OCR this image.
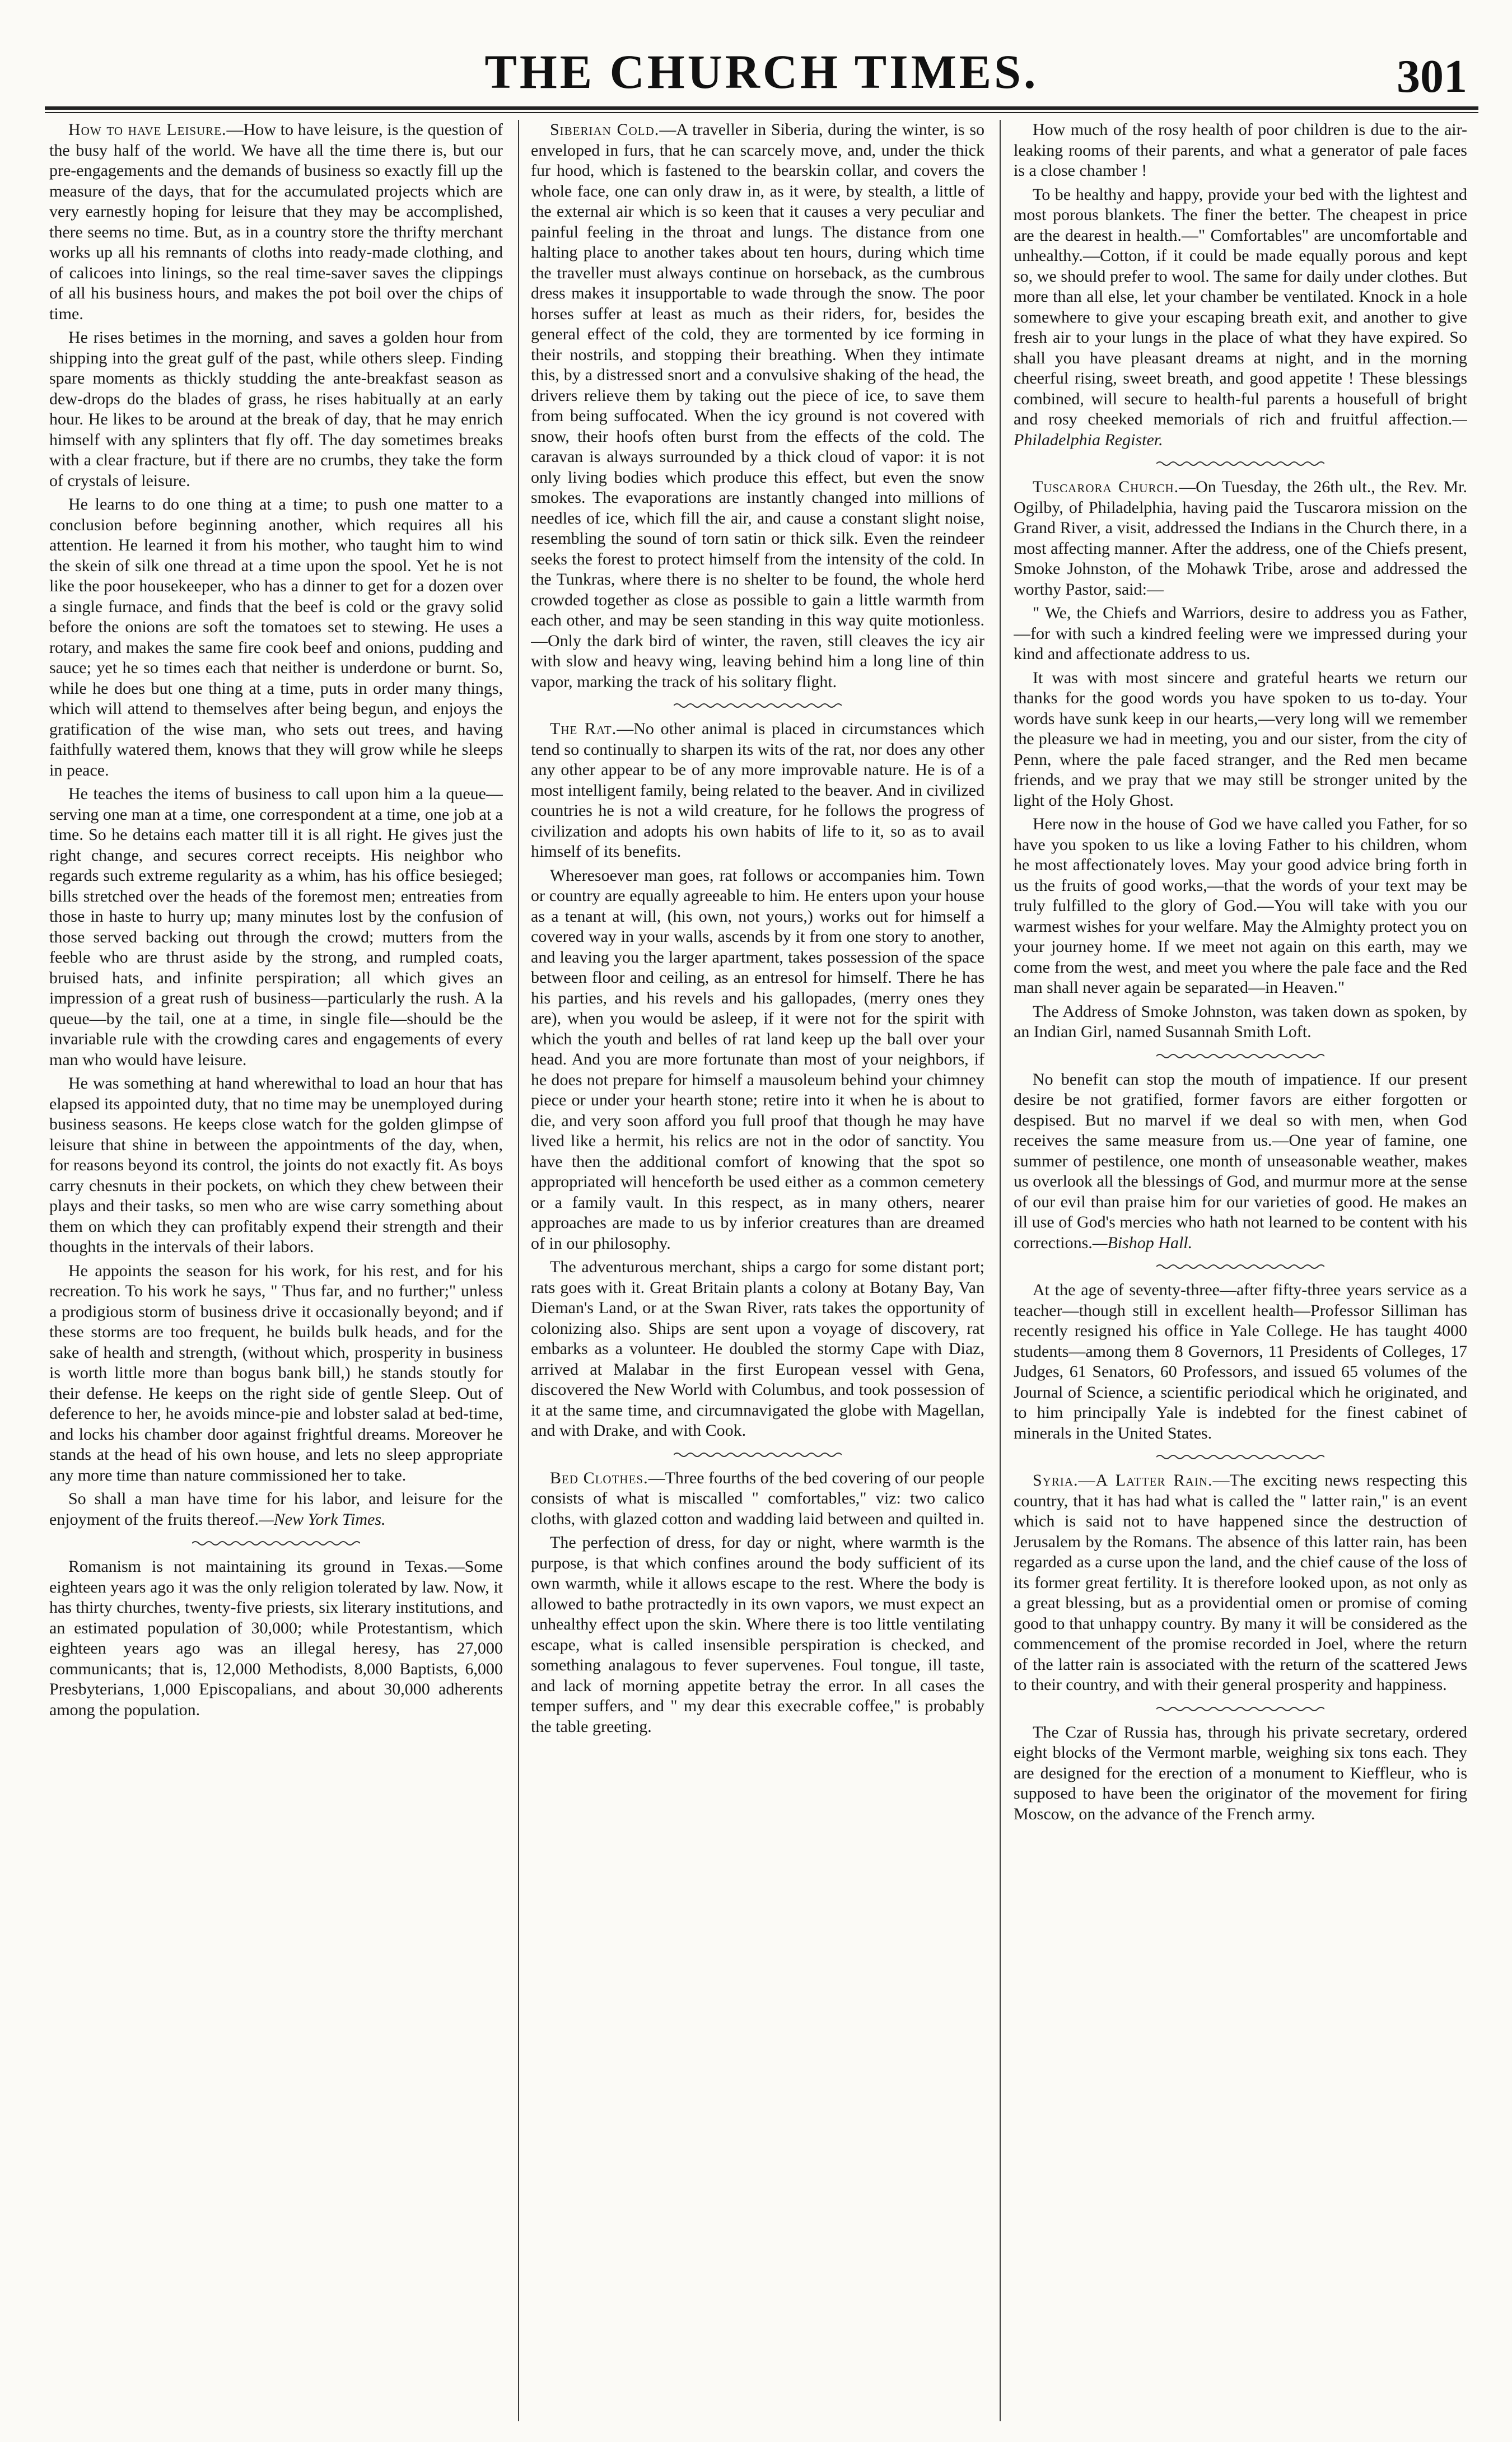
THE CHURCH TIMES.	301

How to have Leisure.—How to have leisure, is the question of the busy half of the world. We have all the time there is, but our pre-engagements and the demands of business so exactly fill up the measure of the days, that for the accumulated projects which are very earnestly hoping for leisure that they may be accomplished, there seems no time. But, as in a country store the thrifty merchant works up all his remnants of cloths into ready-made clothing, and of calicoes into linings, so the real time-saver saves the clippings of all his business hours, and makes the pot boil over the chips of time.

He rises betimes in the morning, and saves a golden hour from shipping into the great gulf of the past, while others sleep. Finding spare moments as thickly studding the ante-breakfast season as dew-drops do the blades of grass, he rises habitually at an early hour. He likes to be around at the break of day, that he may enrich himself with any splinters that fly off. The day sometimes breaks with a clear fracture, but if there are no crumbs, they take the form of crystals of leisure.

He learns to do one thing at a time; to push one matter to a conclusion before beginning another, which requires all his attention. He learned it from his mother, who taught him to wind the skein of silk one thread at a time upon the spool. Yet he is not like the poor housekeeper, who has a dinner to get for a dozen over a single furnace, and finds that the beef is cold or the gravy solid before the onions are soft the tomatoes set to stewing. He uses a rotary, and makes the same fire cook beef and onions, pudding and sauce; yet he so times each that neither is underdone or burnt. So, while he does but one thing at a time, puts in order many things, which will attend to themselves after being begun, and enjoys the gratification of the wise man, who sets out trees, and having faithfully watered them, knows that they will grow while he sleeps in peace.

He teaches the items of business to call upon him a la queue—serving one man at a time, one correspondent at a time, one job at a time. So he detains each matter till it is all right. He gives just the right change, and secures correct receipts. His neighbor who regards such extreme regularity as a whim, has his office besieged; bills stretched over the heads of the foremost men; entreaties from those in haste to hurry up; many minutes lost by the confusion of those served backing out through the crowd; mutters from the feeble who are thrust aside by the strong, and rumpled coats, bruised hats, and infinite perspiration; all which gives an impression of a great rush of business—particularly the rush. A la queue—by the tail, one at a time, in single file—should be the invariable rule with the crowding cares and engagements of every man who would have leisure.

He was something at hand wherewithal to load an hour that has elapsed its appointed duty, that no time may be unemployed during business seasons. He keeps close watch for the golden glimpse of leisure that shine in between the appointments of the day, when, for reasons beyond its control, the joints do not exactly fit. As boys carry chesnuts in their pockets, on which they chew between their plays and their tasks, so men who are wise carry something about them on which they can profitably expend their strength and their thoughts in the intervals of their labors.

He appoints the season for his work, for his rest, and for his recreation. To his work he says, " Thus far, and no further;" unless a prodigious storm of business drive it occasionally beyond; and if these storms are too frequent, he builds bulk heads, and for the sake of health and strength, (without which, prosperity in business is worth little more than bogus bank bill,) he stands stoutly for their defense. He keeps on the right side of gentle Sleep. Out of deference to her, he avoids mince-pie and lobster salad at bed-time, and locks his chamber door against frightful dreams. Moreover he stands at the head of his own house, and lets no sleep appropriate any more time than nature commissioned her to take.

So shall a man have time for his labor, and leisure for the enjoyment of the fruits thereof.—New York Times.

Romanism is not maintaining its ground in Texas.—Some eighteen years ago it was the only religion tolerated by law. Now, it has thirty churches, twenty-five priests, six literary institutions, and an estimated population of 30,000; while Protestantism, which eighteen years ago was an illegal heresy, has 27,000 communicants; that is, 12,000 Methodists, 8,000 Baptists, 6,000 Presbyterians, 1,000 Episcopalians, and about 30,000 adherents among the population.

Siberian Cold.—A traveller in Siberia, during the winter, is so enveloped in furs, that he can scarcely move, and, under the thick fur hood, which is fastened to the bearskin collar, and covers the whole face, one can only draw in, as it were, by stealth, a little of the external air which is so keen that it causes a very peculiar and painful feeling in the throat and lungs. The distance from one halting place to another takes about ten hours, during which time the traveller must always continue on horseback, as the cumbrous dress makes it insupportable to wade through the snow. The poor horses suffer at least as much as their riders, for, besides the general effect of the cold, they are tormented by ice forming in their nostrils, and stopping their breathing. When they intimate this, by a distressed snort and a convulsive shaking of the head, the drivers relieve them by taking out the piece of ice, to save them from being suffocated. When the icy ground is not covered with snow, their hoofs often burst from the effects of the cold. The caravan is always surrounded by a thick cloud of vapor: it is not only living bodies which produce this effect, but even the snow smokes. The evaporations are instantly changed into millions of needles of ice, which fill the air, and cause a constant slight noise, resembling the sound of torn satin or thick silk. Even the reindeer seeks the forest to protect himself from the intensity of the cold. In the Tunkras, where there is no shelter to be found, the whole herd crowded together as close as possible to gain a little warmth from each other, and may be seen standing in this way quite motionless.—Only the dark bird of winter, the raven, still cleaves the icy air with slow and heavy wing, leaving behind him a long line of thin vapor, marking the track of his solitary flight.

The Rat.—No other animal is placed in circumstances which tend so continually to sharpen its wits of the rat, nor does any other any other appear to be of any more improvable nature. He is of a most intelligent family, being related to the beaver. And in civilized countries he is not a wild creature, for he follows the progress of civilization and adopts his own habits of life to it, so as to avail himself of its benefits.

Wheresoever man goes, rat follows or accompanies him. Town or country are equally agreeable to him. He enters upon your house as a tenant at will, (his own, not yours,) works out for himself a covered way in your walls, ascends by it from one story to another, and leaving you the larger apartment, takes possession of the space between floor and ceiling, as an entresol for himself. There he has his parties, and his revels and his gallopades, (merry ones they are), when you would be asleep, if it were not for the spirit with which the youth and belles of rat land keep up the ball over your head. And you are more fortunate than most of your neighbors, if he does not prepare for himself a mausoleum behind your chimney piece or under your hearth stone; retire into it when he is about to die, and very soon afford you full proof that though he may have lived like a hermit, his relics are not in the odor of sanctity. You have then the additional comfort of knowing that the spot so appropriated will henceforth be used either as a common cemetery or a family vault. In this respect, as in many others, nearer approaches are made to us by inferior creatures than are dreamed of in our philosophy.

The adventurous merchant, ships a cargo for some distant port; rats goes with it. Great Britain plants a colony at Botany Bay, Van Dieman's Land, or at the Swan River, rats takes the opportunity of colonizing also. Ships are sent upon a voyage of discovery, rat embarks as a volunteer. He doubled the stormy Cape with Diaz, arrived at Malabar in the first European vessel with Gena, discovered the New World with Columbus, and took possession of it at the same time, and circumnavigated the globe with Magellan, and with Drake, and with Cook.

Bed Clothes.—Three fourths of the bed covering of our people consists of what is miscalled " comfortables," viz: two calico cloths, with glazed cotton and wadding laid between and quilted in.

The perfection of dress, for day or night, where warmth is the purpose, is that which confines around the body sufficient of its own warmth, while it allows escape to the rest. Where the body is allowed to bathe protractedly in its own vapors, we must expect an unhealthy effect upon the skin. Where there is too little ventilating escape, what is called insensible perspiration is checked, and something analagous to fever supervenes. Foul tongue, ill taste, and lack of morning appetite betray the error. In all cases the temper suffers, and " my dear this execrable coffee," is probably the table greeting.

How much of the rosy health of poor children is due to the air-leaking rooms of their parents, and what a generator of pale faces is a close chamber !

To be healthy and happy, provide your bed with the lightest and most porous blankets. The finer the better. The cheapest in price are the dearest in health.—" Comfortables" are uncomfortable and unhealthy.—Cotton, if it could be made equally porous and kept so, we should prefer to wool. The same for daily under clothes. But more than all else, let your chamber be ventilated. Knock in a hole somewhere to give your escaping breath exit, and another to give fresh air to your lungs in the place of what they have expired. So shall you have pleasant dreams at night, and in the morning cheerful rising, sweet breath, and good appetite ! These blessings combined, will secure to health-ful parents a housefull of bright and rosy cheeked memorials of rich and fruitful affection.—Philadelphia Register.

Tuscarora Church.—On Tuesday, the 26th ult., the Rev. Mr. Ogilby, of Philadelphia, having paid the Tuscarora mission on the Grand River, a visit, addressed the Indians in the Church there, in a most affecting manner. After the address, one of the Chiefs present, Smoke Johnston, of the Mohawk Tribe, arose and addressed the worthy Pastor, said:—

" We, the Chiefs and Warriors, desire to address you as Father,—for with such a kindred feeling were we impressed during your kind and affectionate address to us.

It was with most sincere and grateful hearts we return our thanks for the good words you have spoken to us to-day. Your words have sunk keep in our hearts,—very long will we remember the pleasure we had in meeting, you and our sister, from the city of Penn, where the pale faced stranger, and the Red men became friends, and we pray that we may still be stronger united by the light of the Holy Ghost.

Here now in the house of God we have called you Father, for so have you spoken to us like a loving Father to his children, whom he most affectionately loves. May your good advice bring forth in us the fruits of good works,—that the words of your text may be truly fulfilled to the glory of God.—You will take with you our warmest wishes for your welfare. May the Almighty protect you on your journey home. If we meet not again on this earth, may we come from the west, and meet you where the pale face and the Red man shall never again be separated—in Heaven."

The Address of Smoke Johnston, was taken down as spoken, by an Indian Girl, named Susannah Smith Loft.

No benefit can stop the mouth of impatience. If our present desire be not gratified, former favors are either forgotten or despised. But no marvel if we deal so with men, when God receives the same measure from us.—One year of famine, one summer of pestilence, one month of unseasonable weather, makes us overlook all the blessings of God, and murmur more at the sense of our evil than praise him for our varieties of good. He makes an ill use of God's mercies who hath not learned to be content with his corrections.—Bishop Hall.

At the age of seventy-three—after fifty-three years service as a teacher—though still in excellent health—Professor Silliman has recently resigned his office in Yale College. He has taught 4000 students—among them 8 Governors, 11 Presidents of Colleges, 17 Judges, 61 Senators, 60 Professors, and issued 65 volumes of the Journal of Science, a scientific periodical which he originated, and to him principally Yale is indebted for the finest cabinet of minerals in the United States.

Syria.—A Latter Rain.—The exciting news respecting this country, that it has had what is called the " latter rain," is an event which is said not to have happened since the destruction of Jerusalem by the Romans. The absence of this latter rain, has been regarded as a curse upon the land, and the chief cause of the loss of its former great fertility. It is therefore looked upon, as not only as a great blessing, but as a providential omen or promise of coming good to that unhappy country. By many it will be considered as the commencement of the promise recorded in Joel, where the return of the latter rain is associated with the return of the scattered Jews to their country, and with their general prosperity and happiness.

The Czar of Russia has, through his private secretary, ordered eight blocks of the Vermont marble, weighing six tons each. They are designed for the erection of a monument to Kieffleur, who is supposed to have been the originator of the movement for firing Moscow, on the advance of the French army.
